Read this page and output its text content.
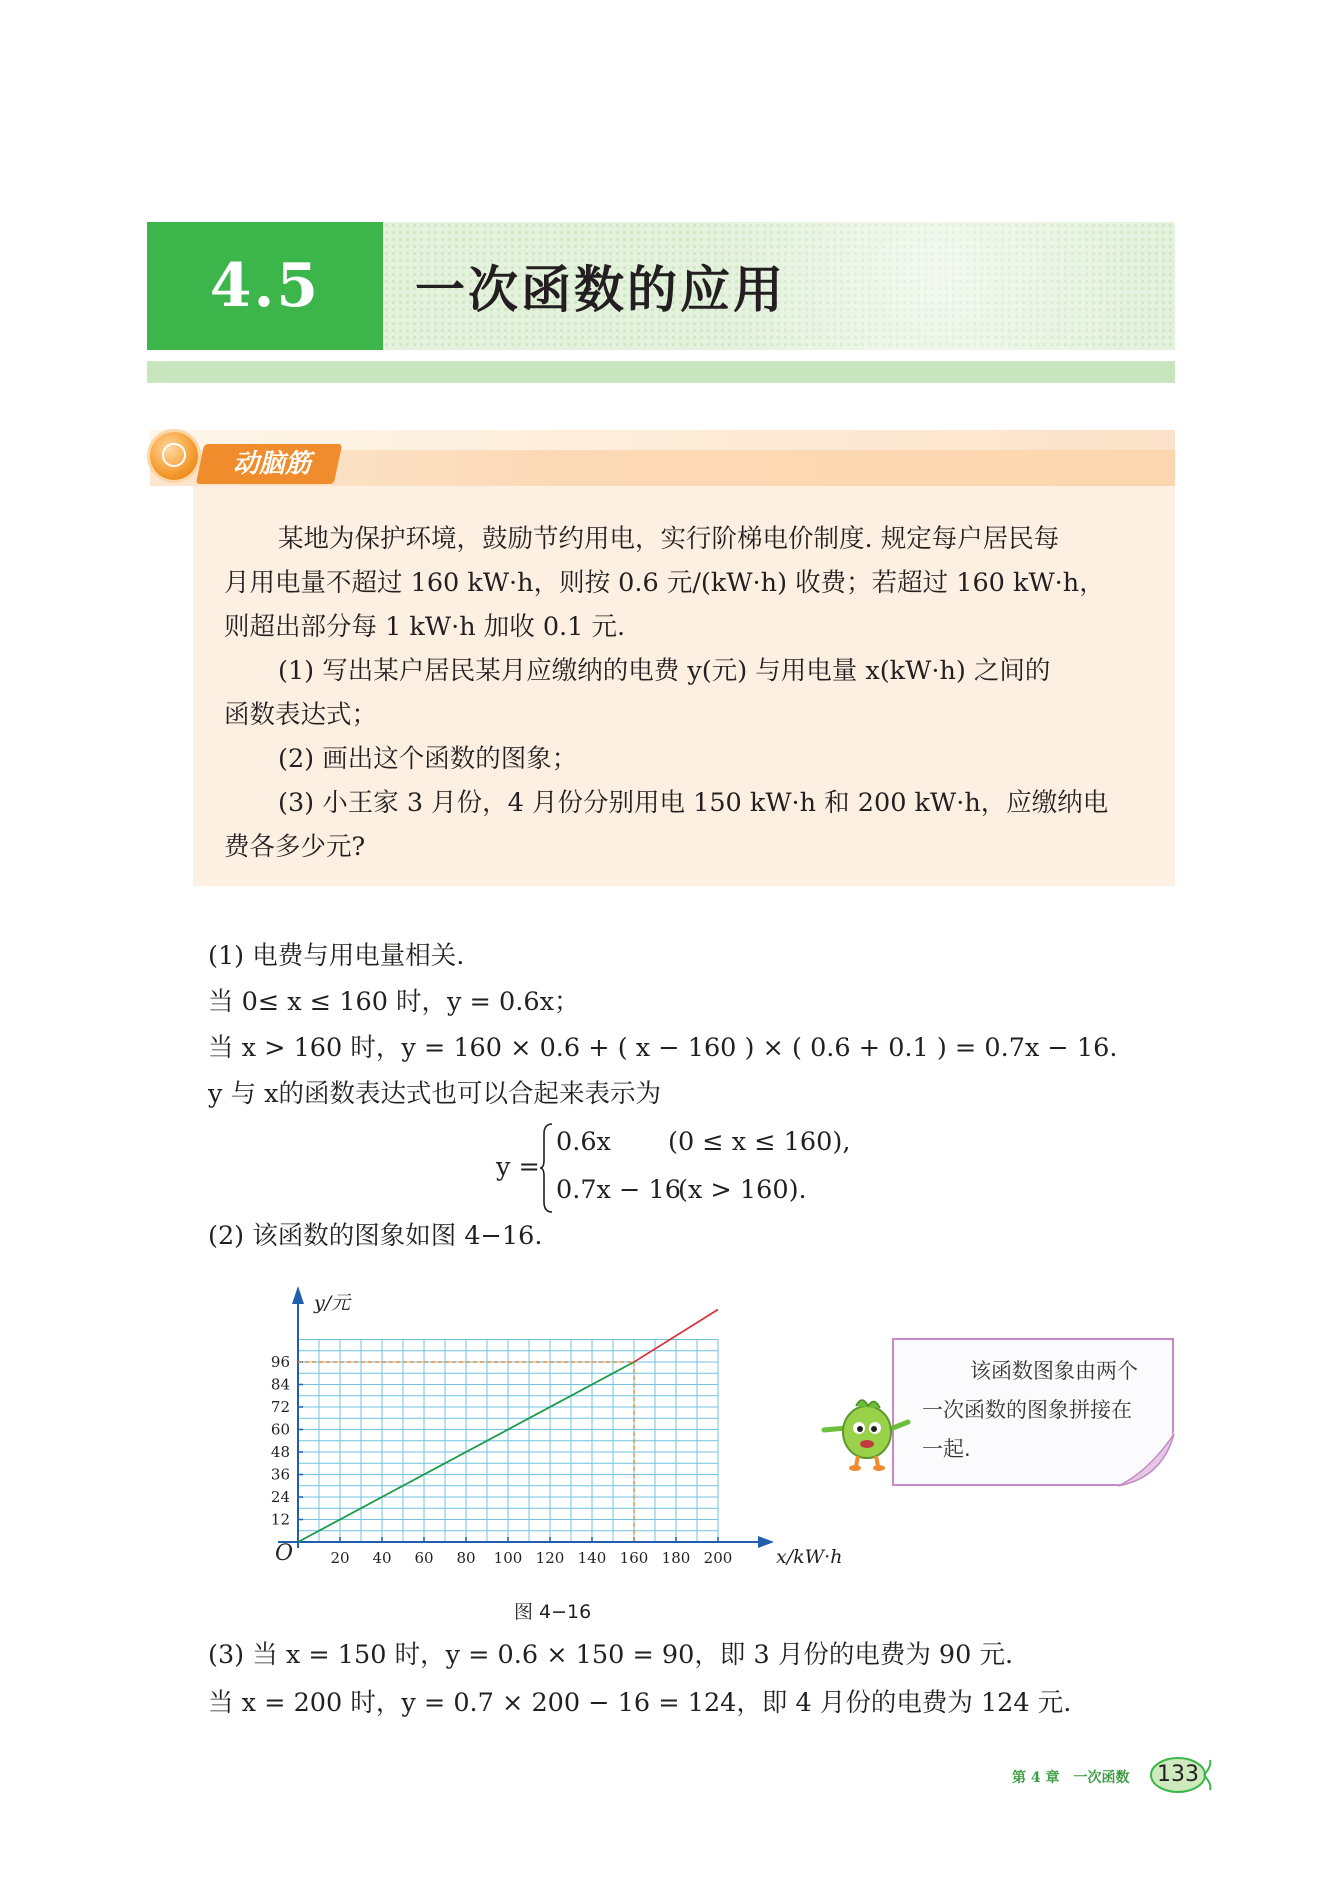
4.5	一次函数的应用
动脑筋
某地为保护环境，鼓励节约用电，实行阶梯电价制度. 规定每户居民每
月用电量不超过 160 kW·h，则按 0.6 元/(kW·h) 收费；若超过 160 kW·h，
则超出部分每 1 kW·h 加收 0.1 元.
(1) 写出某户居民某月应缴纳的电费 y(元) 与用电量 x(kW·h) 之间的
函数表达式；
(2) 画出这个函数的图象；
(3) 小王家 3 月份，4 月份分别用电 150 kW·h 和 200 kW·h，应缴纳电
费各多少元?
(1) 电费与用电量相关.
当 0≤ x ≤ 160 时，y = 0.6x；
当 x > 160 时，y = 160 × 0.6 + ( x − 160 ) × ( 0.6 + 0.1 ) = 0.7x − 16.
y 与 x的函数表达式也可以合起来表示为
y =
0.6x (0 ≤ x ≤ 160),
0.7x − 16
(x > 160).
(2) 该函数的图象如图 4−16.
20 40 60 80 100 120 140 160 180 200
12
24
36
48
60
72
84
96
O
y/元
x/kW·h
图 4−16
该函数图象由两个
一次函数的图象拼接在
一起.
(3) 当 x = 150 时，y = 0.6 × 150 = 90，即 3 月份的电费为 90 元.
当 x = 200 时，y = 0.7 × 200 − 16 = 124，即 4 月份的电费为 124 元.
第 4 章　一次函数	133
